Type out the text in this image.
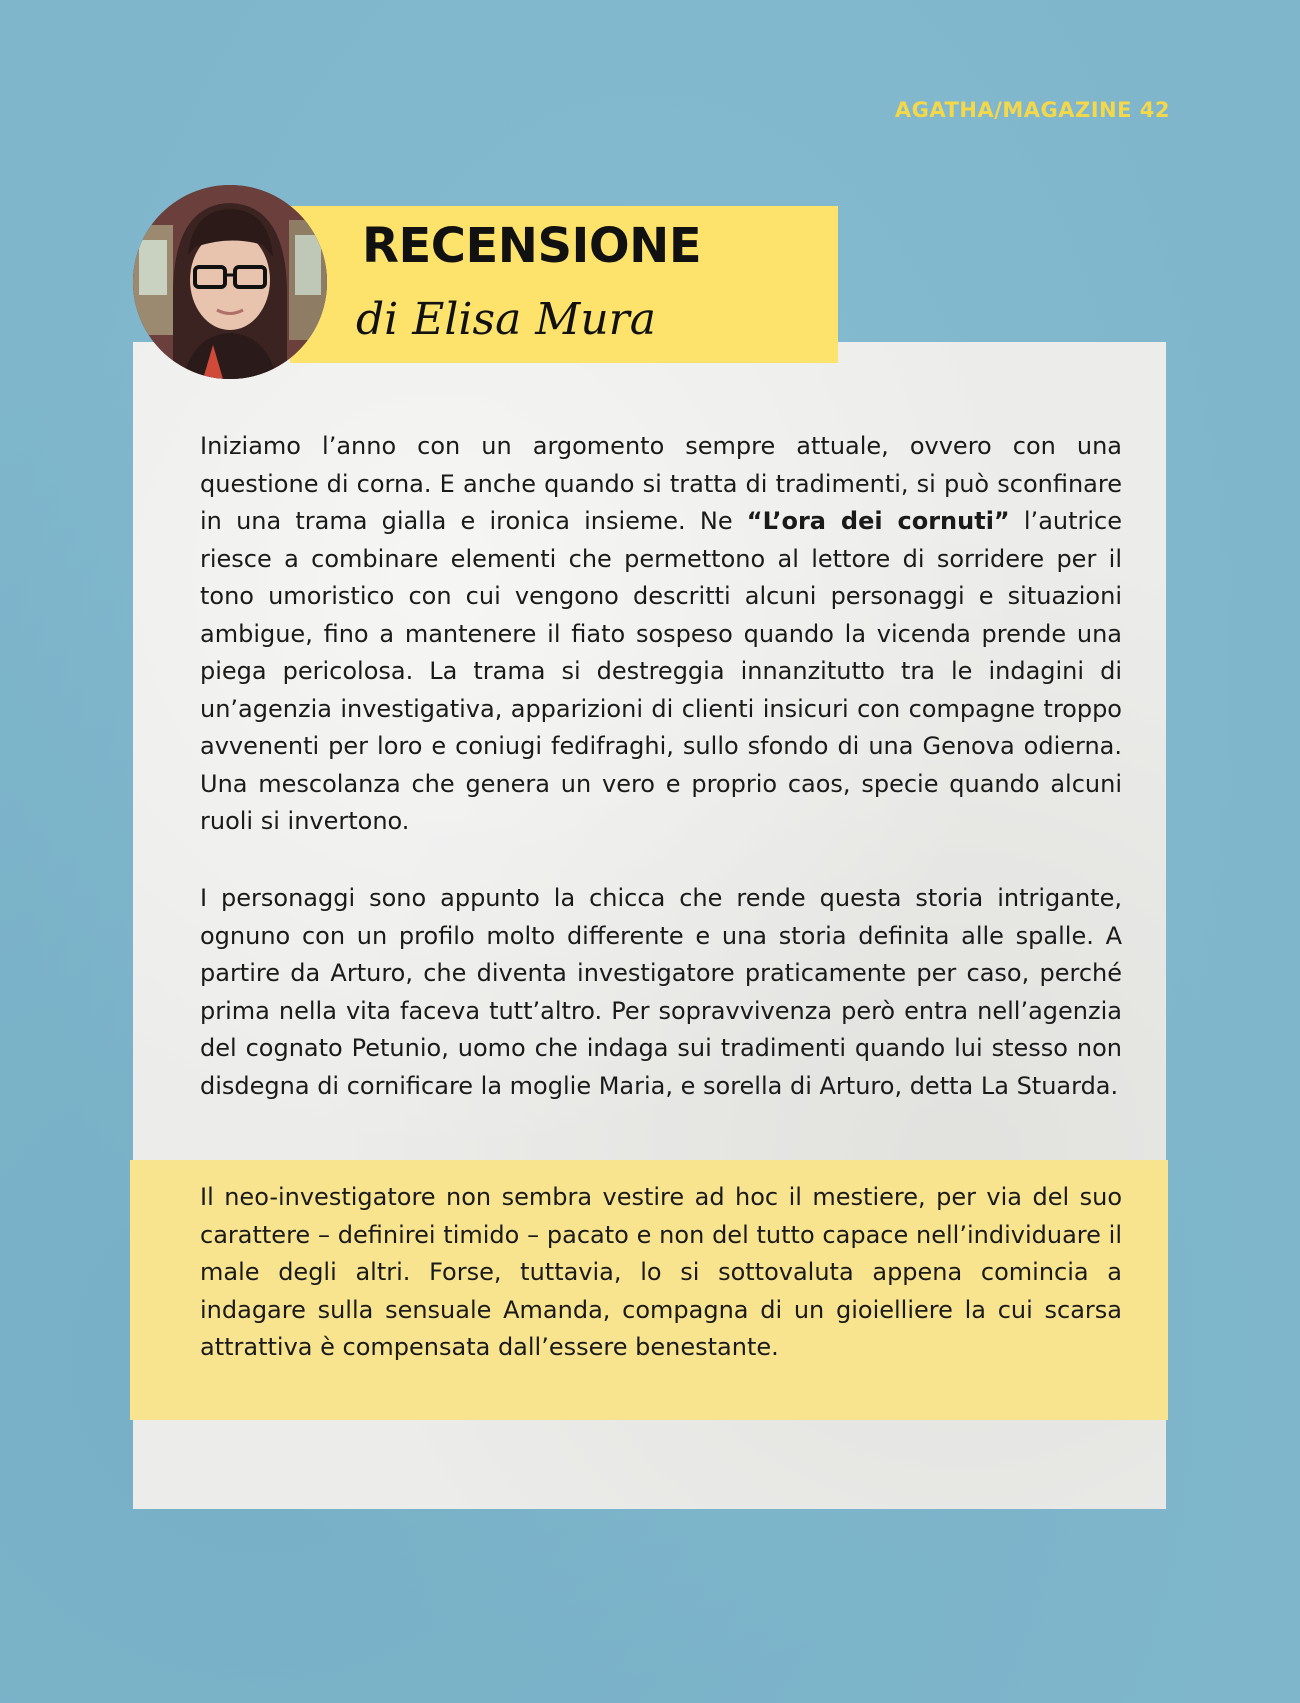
AGATHA/MAGAZINE 42
RECENSIONE
di Elisa Mura

Iniziamo l’anno con un argomento sempre attuale, ovvero con una questione di corna. E anche quando si tratta di tradimenti, si può sconfinare in una trama gialla e ironica insieme. Ne “L’ora dei cornuti” l’autrice riesce a combinare elementi che permettono al lettore di sorridere per il tono umoristico con cui vengono descritti alcuni personaggi e situazioni ambigue, fino a mantenere il fiato sospeso quando la vicenda prende una piega pericolosa. La trama si destreggia innanzitutto tra le indagini di un’agenzia investigativa, apparizioni di clienti insicuri con compagne troppo avvenenti per loro e coniugi fedifraghi, sullo sfondo di una Genova odierna. Una mescolanza che genera un vero e proprio caos, specie quando alcuni ruoli si invertono.

I personaggi sono appunto la chicca che rende questa storia intrigante, ognuno con un profilo molto differente e una storia definita alle spalle. A partire da Arturo, che diventa investigatore praticamente per caso, perché prima nella vita faceva tutt’altro. Per sopravvivenza però entra nell’agenzia del cognato Petunio, uomo che indaga sui tradimenti quando lui stesso non disdegna di cornificare la moglie Maria, e sorella di Arturo, detta La Stuarda.

Il neo-investigatore non sembra vestire ad hoc il mestiere, per via del suo carattere – definirei timido – pacato e non del tutto capace nell’individuare il male degli altri. Forse, tuttavia, lo si sottovaluta appena comincia a indagare sulla sensuale Amanda, compagna di un gioielliere la cui scarsa attrattiva è compensata dall’essere benestante.
